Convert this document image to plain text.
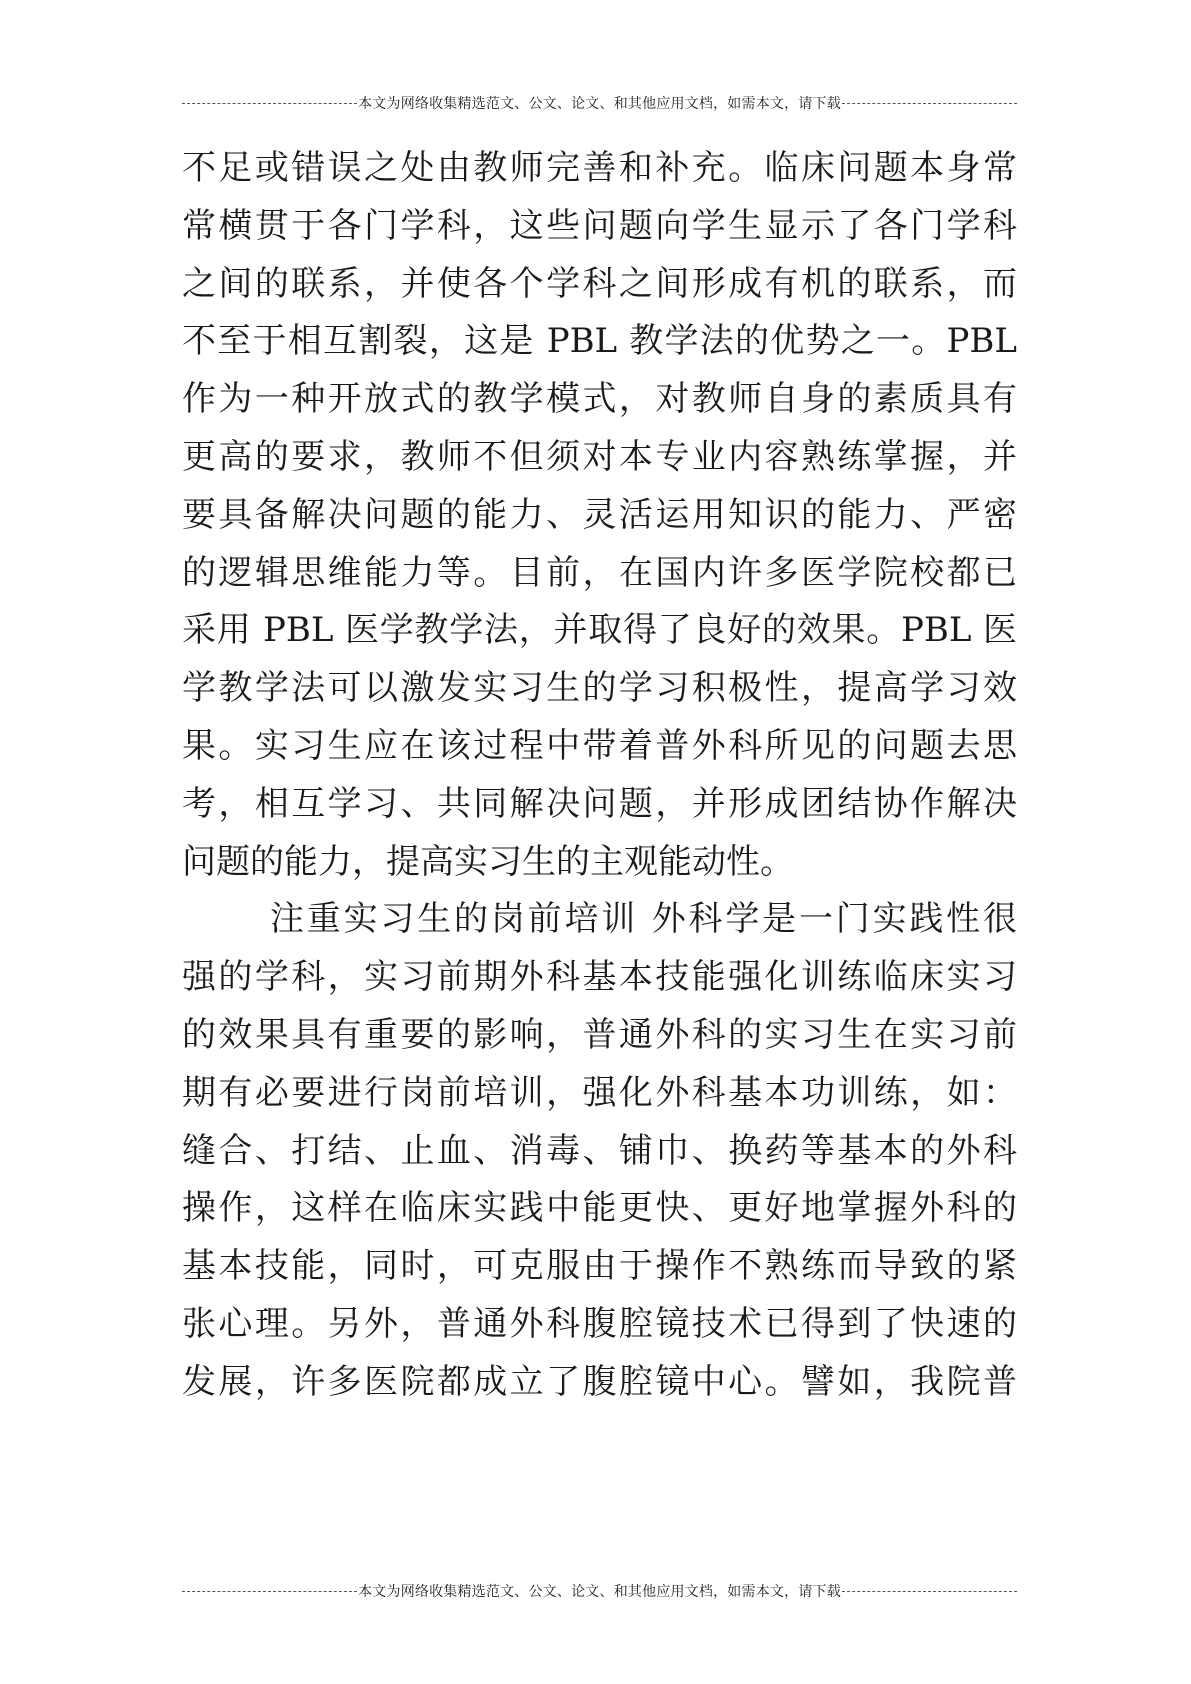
本文为网络收集精选范文、公文、论文、和其他应用文档，如需本文，请下载
不足或错误之处由教师完善和补充。临床问题本身常
常横贯于各门学科，这些问题向学生显示了各门学科
之间的联系，并使各个学科之间形成有机的联系，而
不至于相互割裂，这是 PBL 教学法的优势之一。PBL
作为一种开放式的教学模式，对教师自身的素质具有
更高的要求，教师不但须对本专业内容熟练掌握，并
要具备解决问题的能力、灵活运用知识的能力、严密
的逻辑思维能力等。目前，在国内许多医学院校都已
采用 PBL 医学教学法，并取得了良好的效果。PBL 医
学教学法可以激发实习生的学习积极性，提高学习效
果。实习生应在该过程中带着普外科所见的问题去思
考，相互学习、共同解决问题，并形成团结协作解决
问题的能力，提高实习生的主观能动性。
注重实习生的岗前培训 外科学是一门实践性很
强的学科，实习前期外科基本技能强化训练临床实习
的效果具有重要的影响，普通外科的实习生在实习前
期有必要进行岗前培训，强化外科基本功训练，如：
缝合、打结、止血、消毒、铺巾、换药等基本的外科
操作，这样在临床实践中能更快、更好地掌握外科的
基本技能，同时，可克服由于操作不熟练而导致的紧
张心理。另外，普通外科腹腔镜技术已得到了快速的
发展，许多医院都成立了腹腔镜中心。譬如，我院普
本文为网络收集精选范文、公文、论文、和其他应用文档，如需本文，请下载
